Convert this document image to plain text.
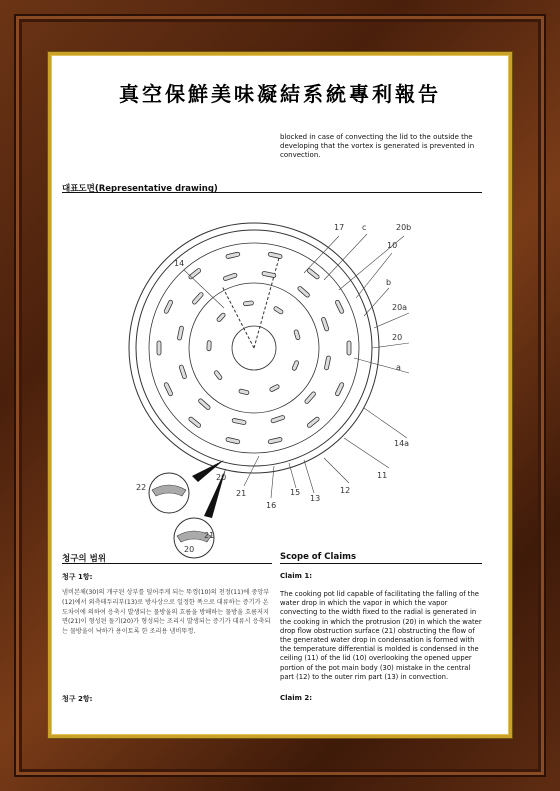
真空保鮮美味凝結系統專利報告
blocked in case of convecting the lid to the outside the developing that the vortex is generated is prevented in convection.
대표도면(Representative drawing)
17 c	20b
10
14
b
20a
20
a
14a
11
12
13
15
21
16
20
22
21
20
청구의 범위	Scope of Claims
청구 1항:	Claim 1:
냄비본체(30)의 개구된 상부를 덮어주게 되는 뚜껑(10)의 천정(11)에 중앙부(12)에서 외측테두리부(13)로 방사상으로 일정한 폭으로 대류하는 증기가 온도차이에 의하여 응축시 발생되는 물방울의 흐름을 방해하는 물방울 흐름저지면(21)이 형성된 돌기(20)가 형성되는 조리시 발생되는 증기가 대류시 응축되는 물방울이 낙하가 용이토록 한 조리용 냄비뚜껑.
The cooking pot lid capable of facilitating the falling of the water drop in which the vapor in which the vapor convecting to the width fixed to the radial is generated in the cooking in which the protrusion (20) in which the water drop flow obstruction surface (21) obstructing the flow of the generated water drop in condensation is formed with the temperature differential is molded is condensed in the ceiling (11) of the lid (10) overlooking the opened upper portion of the pot main body (30) mistake in the central part (12) to the outer rim part (13) in convection.
청구 2항:	Claim 2:
